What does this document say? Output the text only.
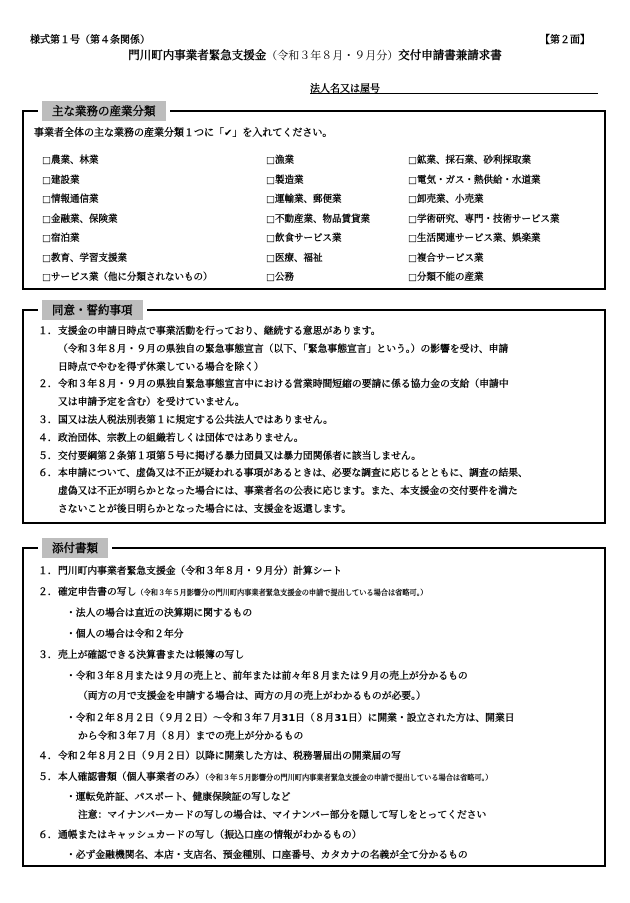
様式第１号（第４条関係）	【第２面】
門川町内事業者緊急支援金（令和３年８月・９月分）交付申請書兼請求書
法人名又は屋号
主な業務の産業分類
事業者全体の主な業務の産業分類１つに「✔」を入れてください。
□農業、林業	□漁業	□鉱業、採石業、砂利採取業
□建設業	□製造業	□電気・ガス・熱供給・水道業
□情報通信業	□運輸業、郵便業	□卸売業、小売業
□金融業、保険業	□不動産業、物品賃貸業	□学術研究、専門・技術サービス業
□宿泊業	□飲食サービス業	□生活関連サービス業、娯楽業
□教育、学習支援業	□医療、福祉	□複合サービス業
□サービス業（他に分類されないもの）	□公務	□分類不能の産業
同意・誓約事項
１．支援金の申請日時点で事業活動を行っており、継続する意思があります。
（令和３年８月・９月の県独自の緊急事態宣言（以下、「緊急事態宣言」という。）の影響を受け、申請
日時点でやむを得ず休業している場合を除く）
２．令和３年８月・９月の県独自緊急事態宣言中における営業時間短縮の要請に係る協力金の支給（申請中
又は申請予定を含む）を受けていません。
３．国又は法人税法別表第１に規定する公共法人ではありません。
４．政治団体、宗教上の組織若しくは団体ではありません。
５．交付要綱第２条第１項第５号に掲げる暴力団員又は暴力団関係者に該当しません。
６．本申請について、虚偽又は不正が疑われる事項があるときは、必要な調査に応じるとともに、調査の結果、
虚偽又は不正が明らかとなった場合には、事業者名の公表に応じます。また、本支援金の交付要件を満た
さないことが後日明らかとなった場合には、支援金を返還します。
添付書類
１．門川町内事業者緊急支援金（令和３年８月・９月分）計算シート
２．確定申告書の写し（令和３年５月影響分の門川町内事業者緊急支援金の申請で提出している場合は省略可。）
・法人の場合は直近の決算期に関するもの
・個人の場合は令和２年分
３．売上が確認できる決算書または帳簿の写し
・令和３年８月または９月の売上と、前年または前々年８月または９月の売上が分かるもの
（両方の月で支援金を申請する場合は、両方の月の売上がわかるものが必要。）
・令和２年８月２日（９月２日）～令和３年７月31日（８月31日）に開業・設立された方は、開業日
から令和３年７月（８月）までの売上が分かるもの
４．令和２年８月２日（９月２日）以降に開業した方は、税務署届出の開業届の写
５．本人確認書類（個人事業者のみ）（令和３年５月影響分の門川町内事業者緊急支援金の申請で提出している場合は省略可。）
・運転免許証、パスポート、健康保険証の写しなど
注意：マイナンバーカードの写しの場合は、マイナンバー部分を隠して写しをとってください
６．通帳またはキャッシュカードの写し（振込口座の情報がわかるもの）
・必ず金融機関名、本店・支店名、預金種別、口座番号、カタカナの名義が全て分かるもの
